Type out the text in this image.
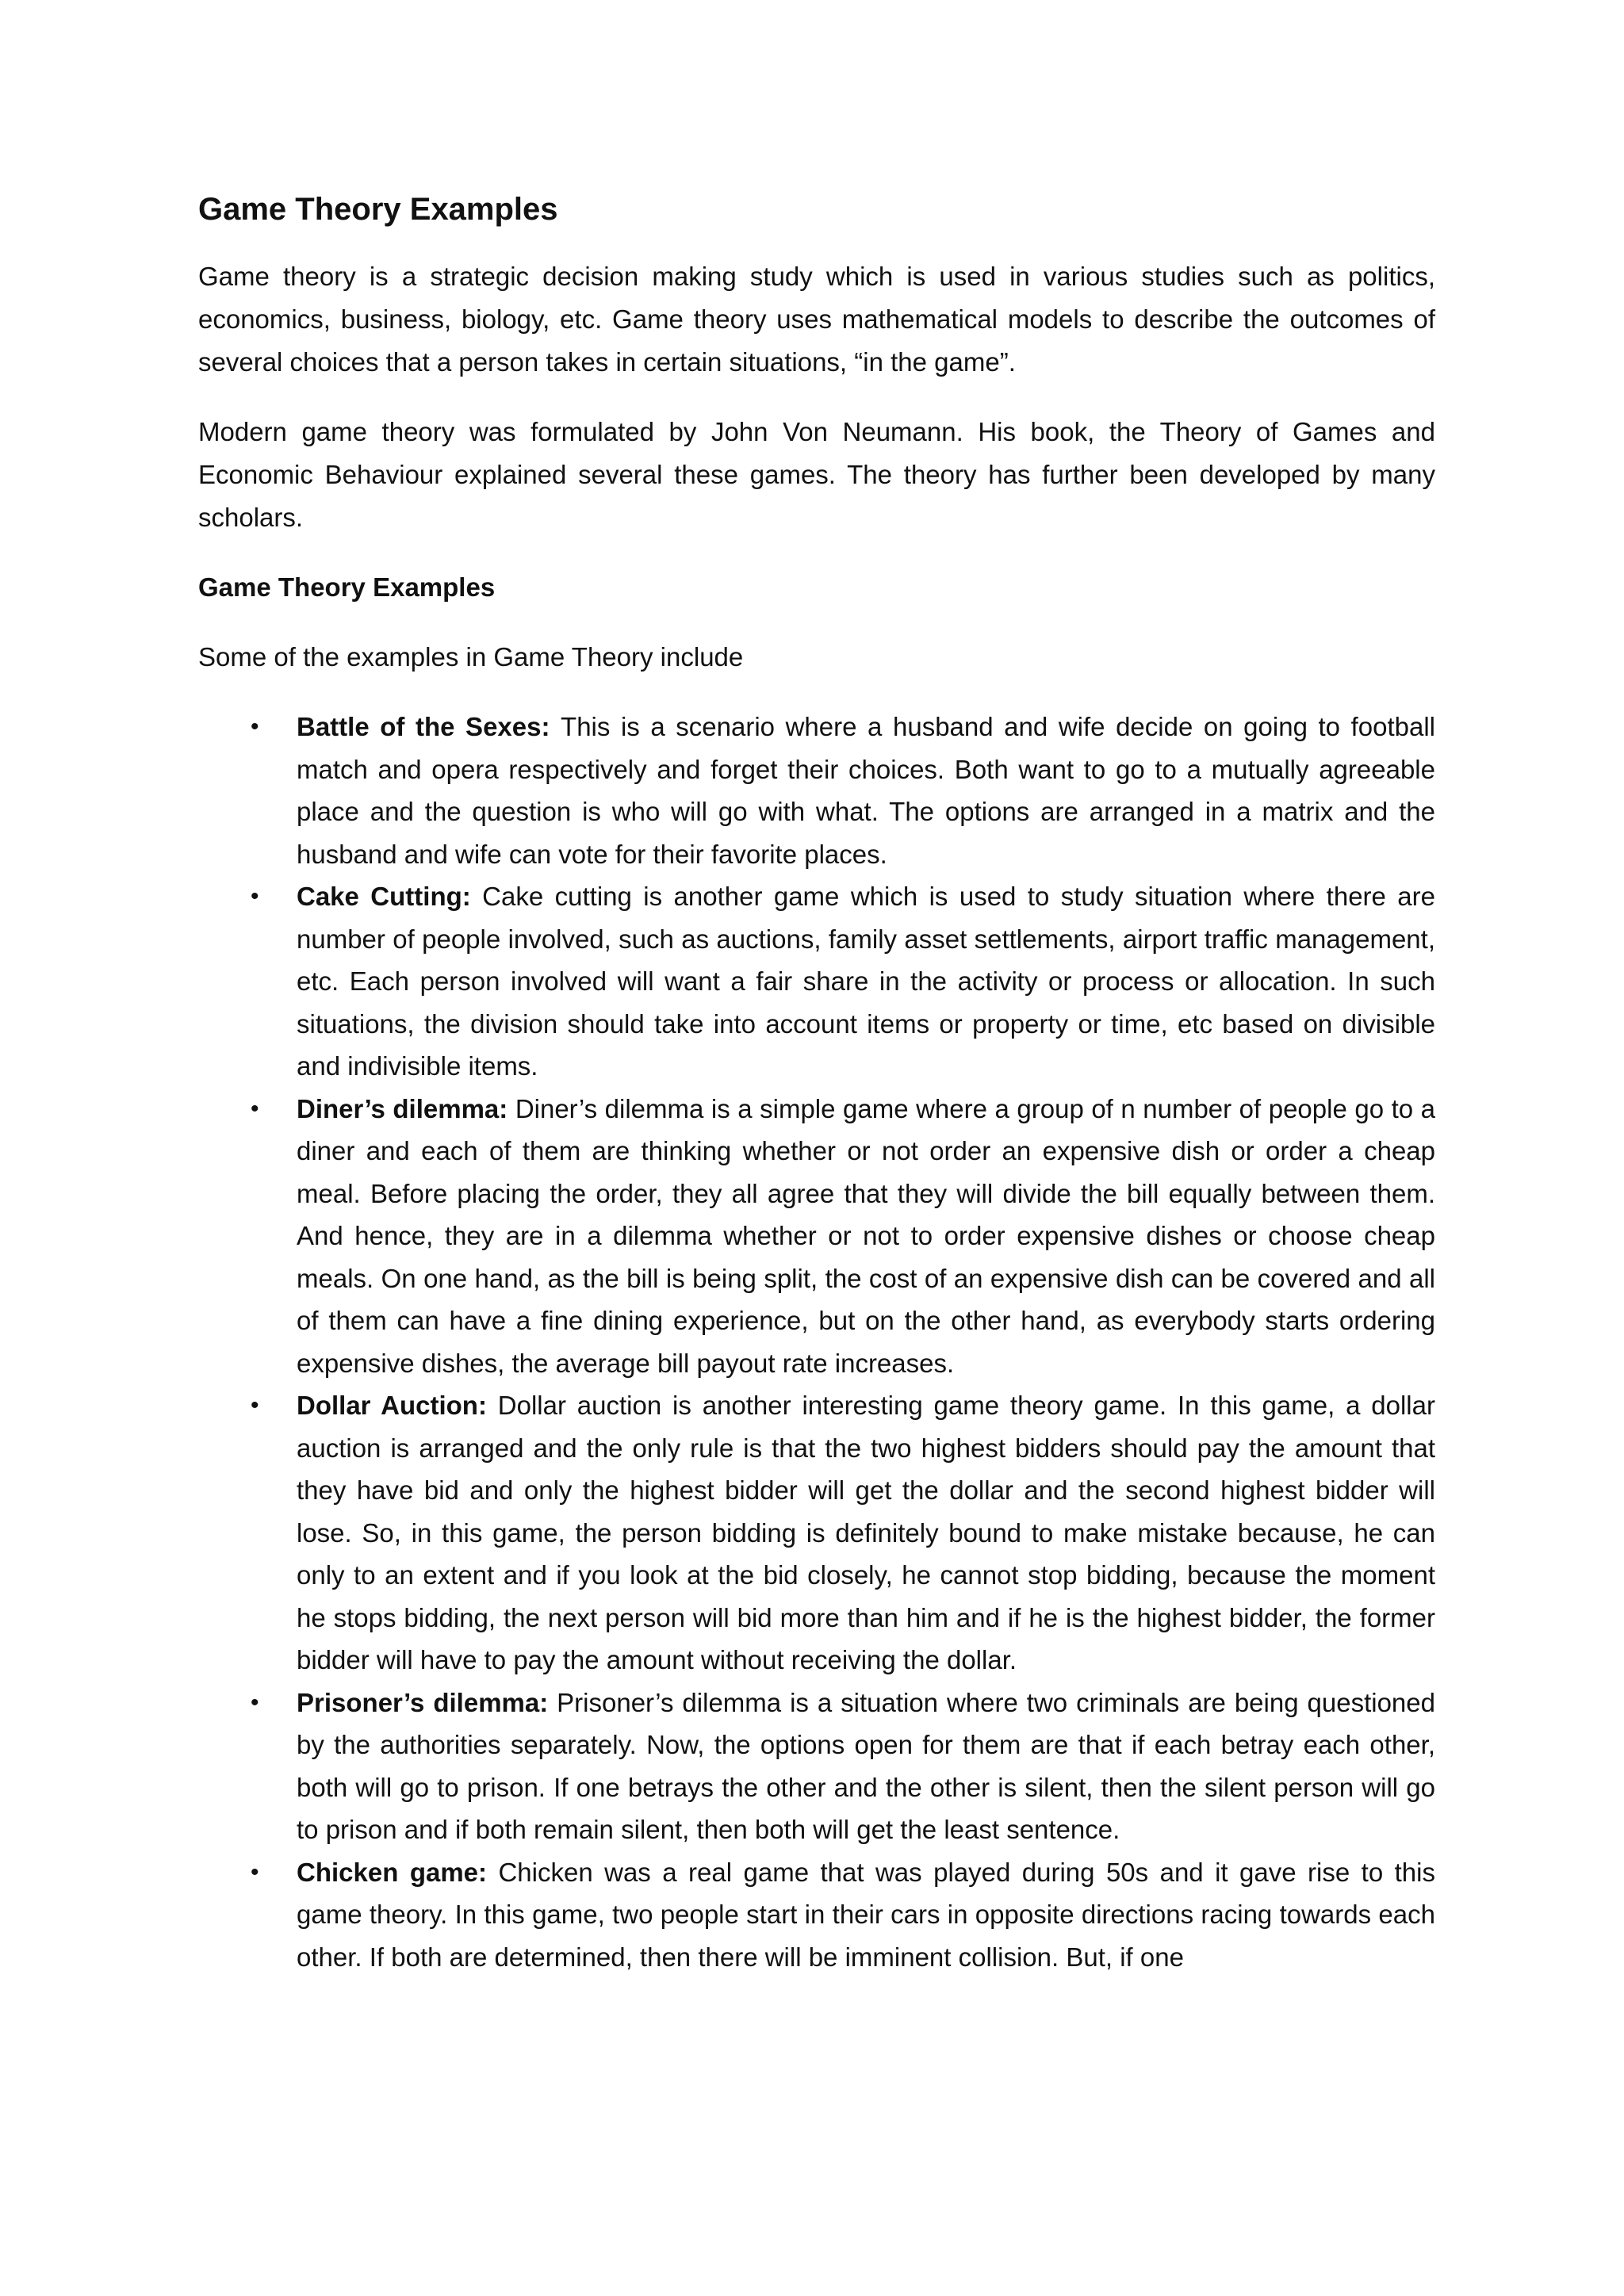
Game Theory Examples

Game theory is a strategic decision making study which is used in various studies such as politics, economics, business, biology, etc. Game theory uses mathematical models to describe the outcomes of several choices that a person takes in certain situations, “in the game”.

Modern game theory was formulated by John Von Neumann. His book, the Theory of Games and Economic Behaviour explained several these games. The theory has further been developed by many scholars.

Game Theory Examples
Some of the examples in Game Theory include
• Battle of the Sexes: This is a scenario where a husband and wife decide on going to football match and opera respectively and forget their choices. Both want to go to a mutually agreeable place and the question is who will go with what. The options are arranged in a matrix and the husband and wife can vote for their favorite places.
• Cake Cutting: Cake cutting is another game which is used to study situation where there are number of people involved, such as auctions, family asset settlements, airport traffic management, etc. Each person involved will want a fair share in the activity or process or allocation. In such situations, the division should take into account items or property or time, etc based on divisible and indivisible items.
• Diner’s dilemma: Diner’s dilemma is a simple game where a group of n number of people go to a diner and each of them are thinking whether or not order an expensive dish or order a cheap meal. Before placing the order, they all agree that they will divide the bill equally between them. And hence, they are in a dilemma whether or not to order expensive dishes or choose cheap meals. On one hand, as the bill is being split, the cost of an expensive dish can be covered and all of them can have a fine dining experience, but on the other hand, as everybody starts ordering expensive dishes, the average bill payout rate increases.
• Dollar Auction: Dollar auction is another interesting game theory game. In this game, a dollar auction is arranged and the only rule is that the two highest bidders should pay the amount that they have bid and only the highest bidder will get the dollar and the second highest bidder will lose. So, in this game, the person bidding is definitely bound to make mistake because, he can only to an extent and if you look at the bid closely, he cannot stop bidding, because the moment he stops bidding, the next person will bid more than him and if he is the highest bidder, the former bidder will have to pay the amount without receiving the dollar.
• Prisoner’s dilemma: Prisoner’s dilemma is a situation where two criminals are being questioned by the authorities separately. Now, the options open for them are that if each betray each other, both will go to prison. If one betrays the other and the other is silent, then the silent person will go to prison and if both remain silent, then both will get the least sentence.
• Chicken game: Chicken was a real game that was played during 50s and it gave rise to this game theory. In this game, two people start in their cars in opposite directions racing towards each other. If both are determined, then there will be imminent collision. But, if one
